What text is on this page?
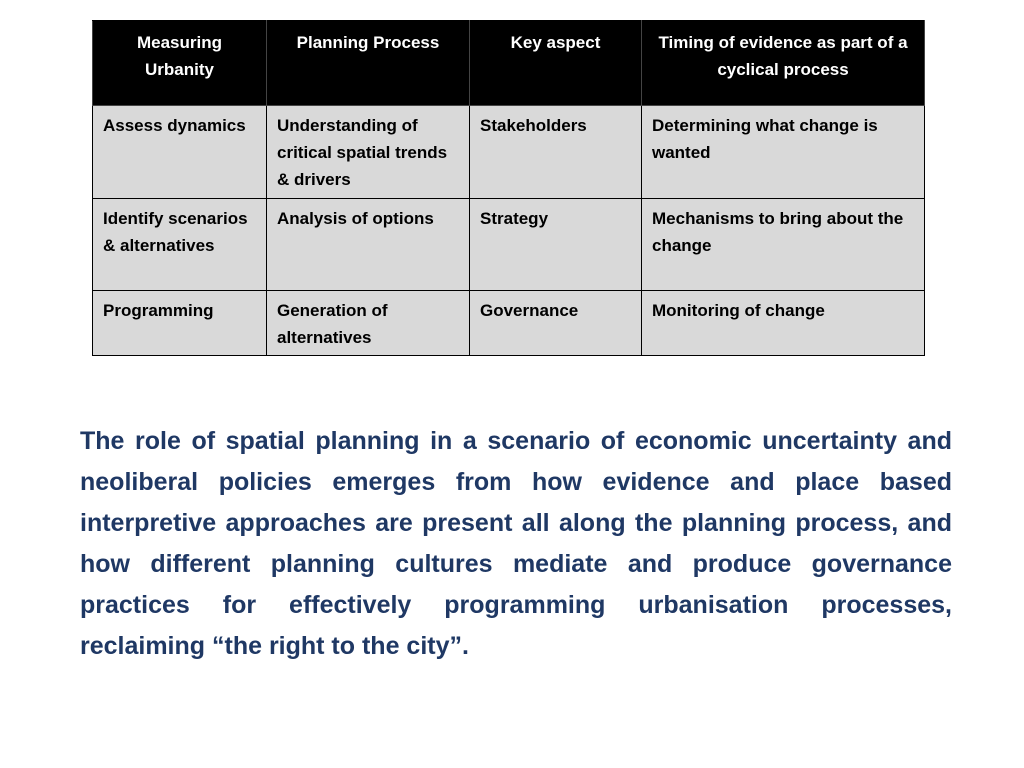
Measuring Urbanity	Planning Process	Key aspect	Timing of evidence as part of a cyclical process
Assess dynamics	Understanding of critical spatial trends & drivers	Stakeholders	Determining what change is wanted
Identify scenarios & alternatives	Analysis of options	Strategy	Mechanisms to bring about the change
Programming	Generation of alternatives	Governance	Monitoring of change

The role of spatial planning in a scenario of economic uncertainty and neoliberal policies emerges from how evidence and place based interpretive approaches are present all along the planning process, and how different planning cultures mediate and produce governance practices for effectively programming urbanisation processes, reclaiming “the right to the city”.
